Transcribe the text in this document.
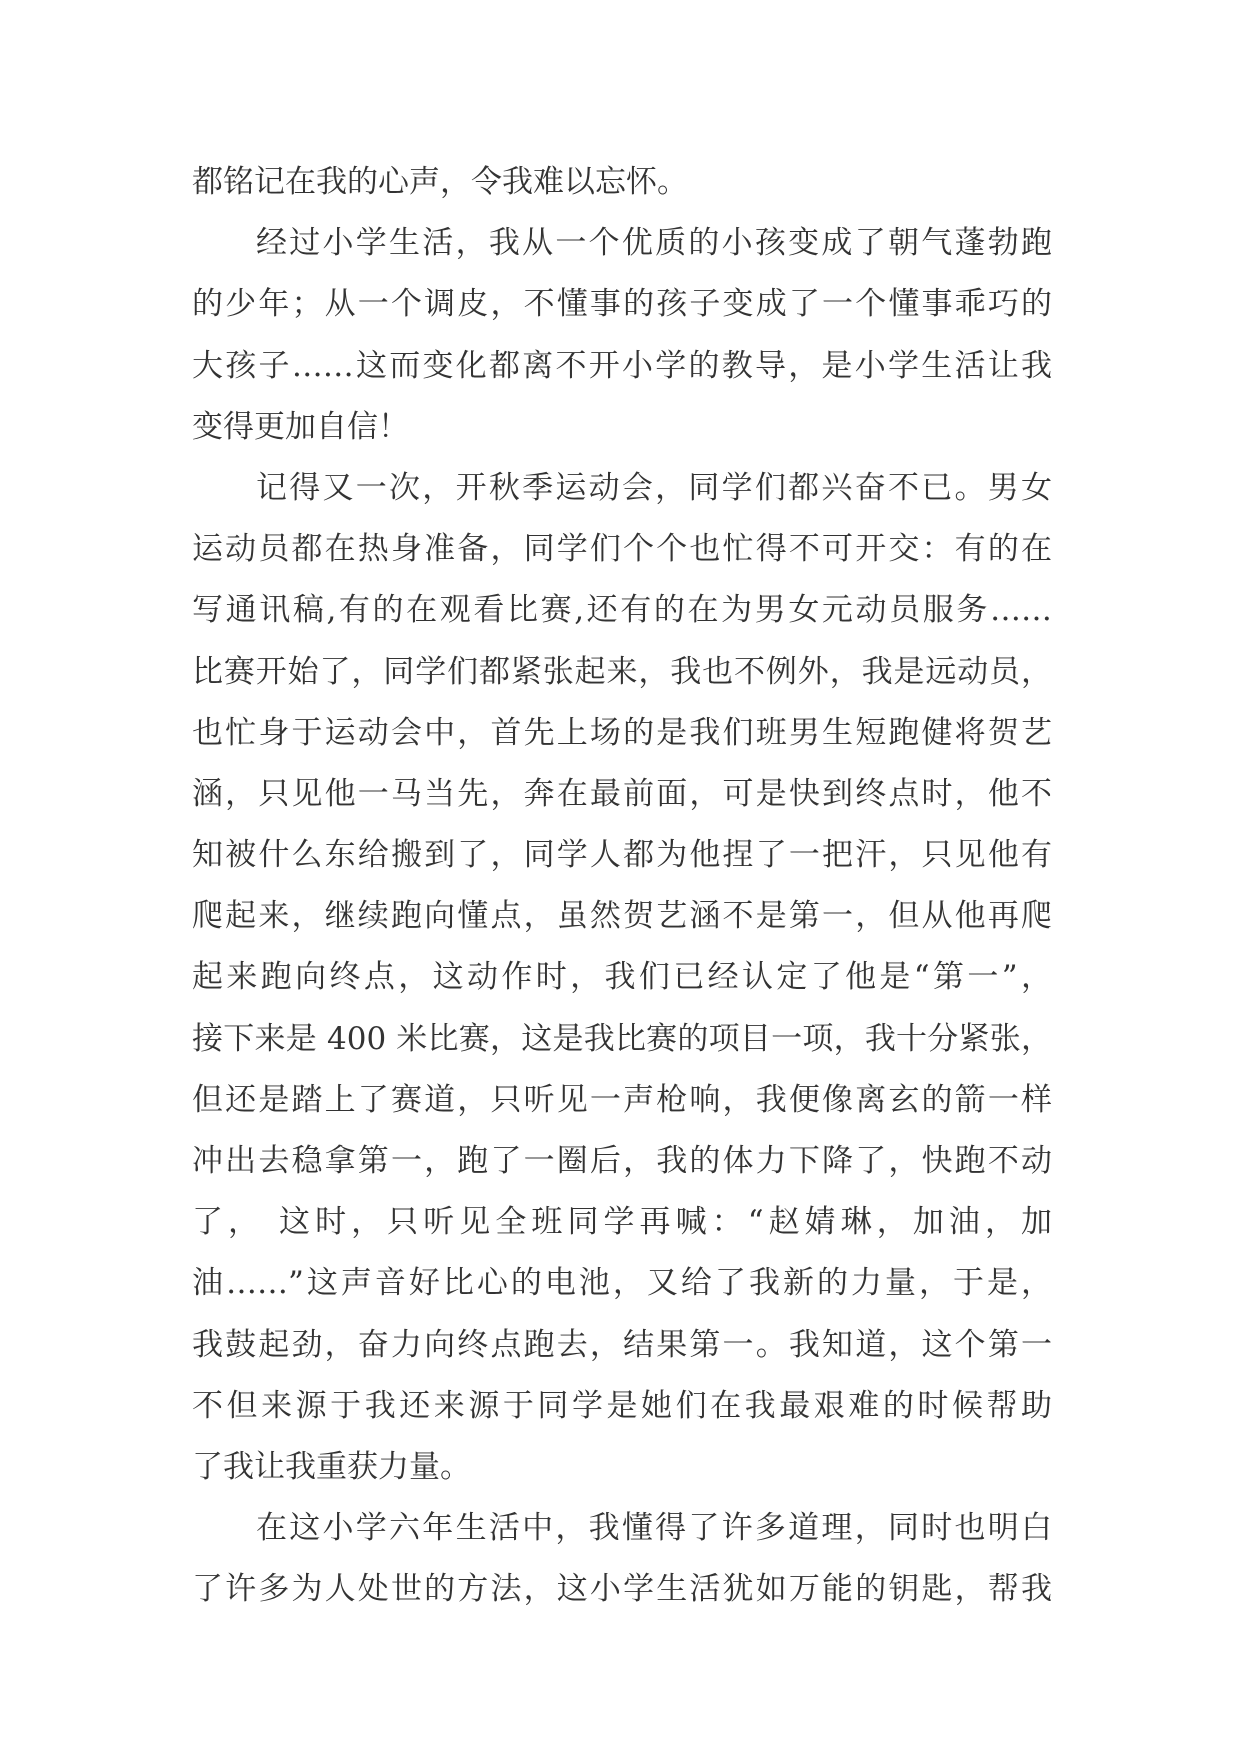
都铭记在我的心声，令我难以忘怀。
经过小学生活，我从一个优质的小孩变成了朝气蓬勃跑
的少年；从一个调皮，不懂事的孩子变成了一个懂事乖巧的
大孩子……这而变化都离不开小学的教导，是小学生活让我
变得更加自信！
记得又一次，开秋季运动会，同学们都兴奋不已。男女
运动员都在热身准备，同学们个个也忙得不可开交：有的在
写通讯稿,有的在观看比赛,还有的在为男女元动员服务……
比赛开始了，同学们都紧张起来，我也不例外，我是远动员，
也忙身于运动会中，首先上场的是我们班男生短跑健将贺艺
涵，只见他一马当先，奔在最前面，可是快到终点时，他不
知被什么东给搬到了，同学人都为他捏了一把汗，只见他有
爬起来，继续跑向懂点，虽然贺艺涵不是第一，但从他再爬
起来跑向终点，这动作时，我们已经认定了他是“第一”，
接下来是 400 米比赛，这是我比赛的项目一项，我十分紧张，
但还是踏上了赛道，只听见一声枪响，我便像离玄的箭一样
冲出去稳拿第一，跑了一圈后，我的体力下降了，快跑不动
了， 这时，只听见全班同学再喊：“赵婧琳，加油，加
油……”这声音好比心的电池，又给了我新的力量，于是，
我鼓起劲，奋力向终点跑去，结果第一。我知道，这个第一
不但来源于我还来源于同学是她们在我最艰难的时候帮助
了我让我重获力量。
在这小学六年生活中，我懂得了许多道理，同时也明白
了许多为人处世的方法，这小学生活犹如万能的钥匙，帮我
